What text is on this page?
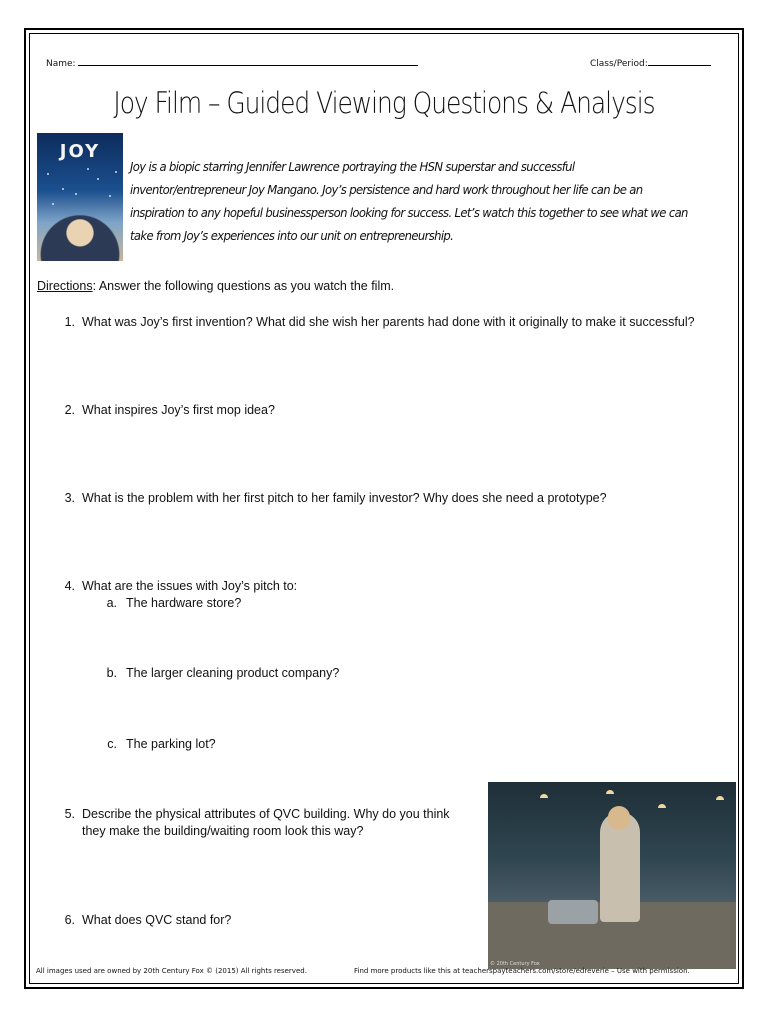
Name:	Class/Period:
Joy Film – Guided Viewing Questions & Analysis
JOY
Joy is a biopic starring Jennifer Lawrence portraying the HSN superstar and successful inventor/entrepreneur Joy Mangano. Joy’s persistence and hard work throughout her life can be an inspiration to any hopeful businessperson looking for success. Let’s watch this together to see what we can take from Joy’s experiences into our unit on entrepreneurship.
Directions: Answer the following questions as you watch the film.
1. What was Joy’s first invention? What did she wish her parents had done with it originally to make it successful?
2. What inspires Joy’s first mop idea?
3. What is the problem with her first pitch to her family investor? Why does she need a prototype?
4. What are the issues with Joy’s pitch to:
a. The hardware store?
b. The larger cleaning product company?
c. The parking lot?
5. Describe the physical attributes of QVC building. Why do you think they make the building/waiting room look this way?
6. What does QVC stand for?
© 20th Century Fox
All images used are owned by 20th Century Fox © (2015) All rights reserved.	Find more products like this at teacherspayteachers.com/store/edreverie – Use with permission.
